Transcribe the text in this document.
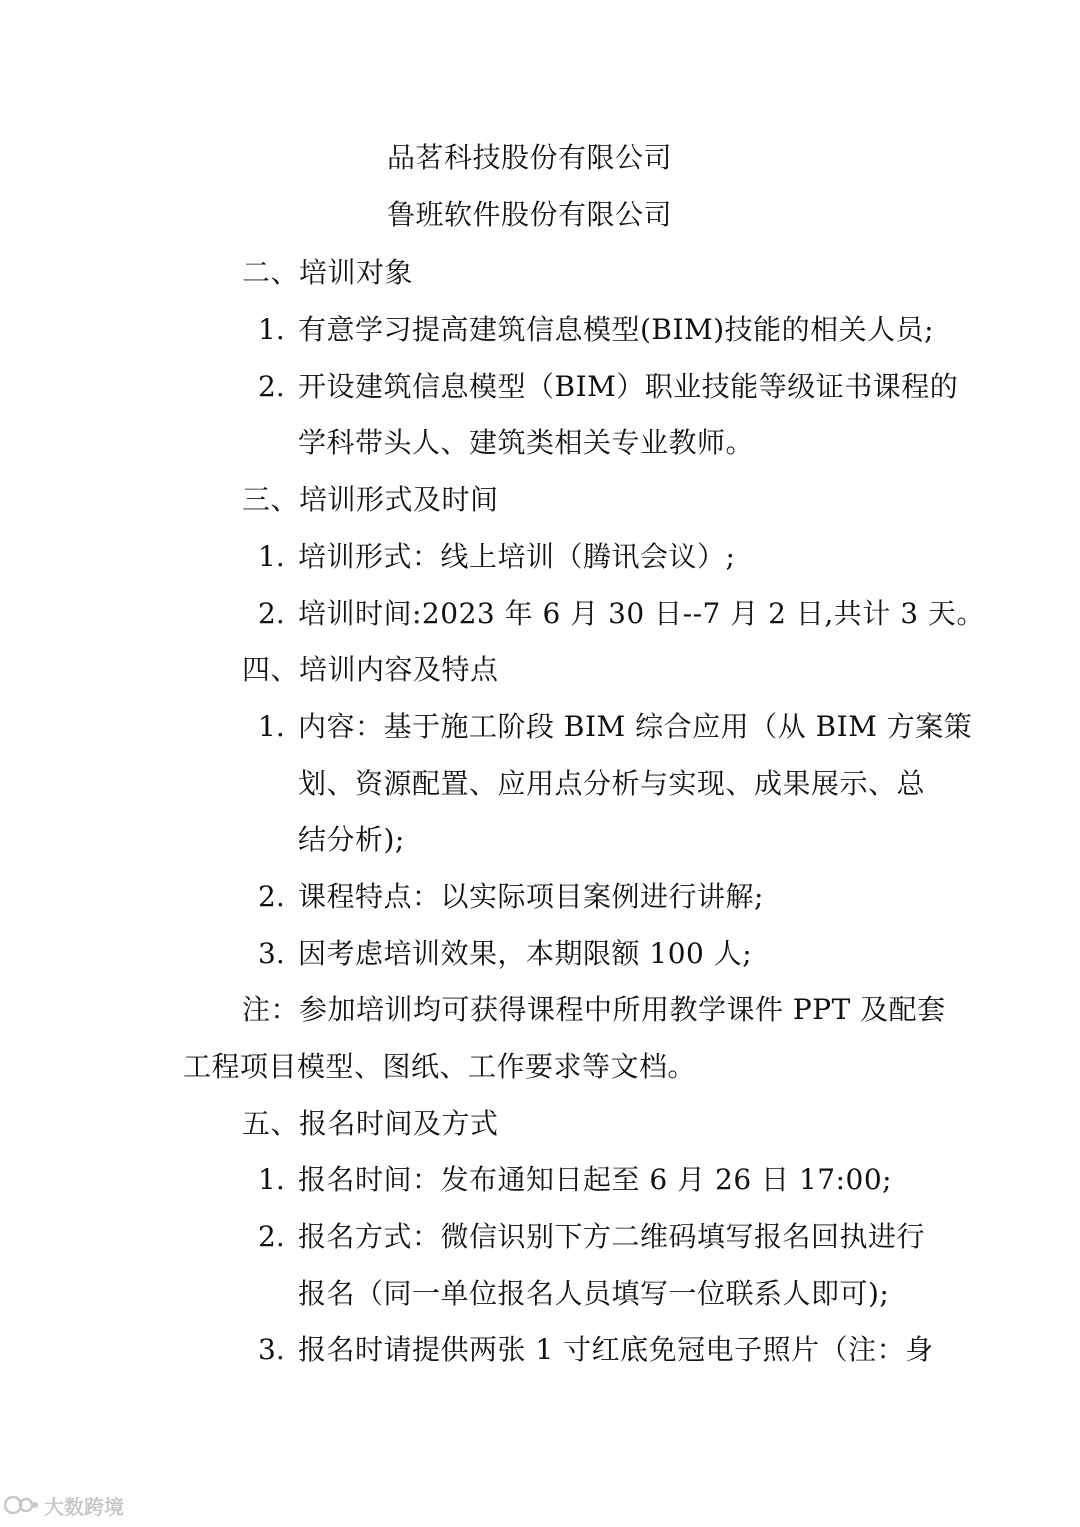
品茗科技股份有限公司
鲁班软件股份有限公司
二、培训对象
1. 有意学习提高建筑信息模型(BIM)技能的相关人员;
2. 开设建筑信息模型（BIM）职业技能等级证书课程的
学科带头人、建筑类相关专业教师。
三、培训形式及时间
1. 培训形式：线上培训（腾讯会议）;
2. 培训时间:2023 年 6 月 30 日--7 月 2 日,共计 3 天。
四、培训内容及特点
1. 内容：基于施工阶段 BIM 综合应用（从 BIM 方案策
划、资源配置、应用点分析与实现、成果展示、总
结分析);
2. 课程特点：以实际项目案例进行讲解;
3. 因考虑培训效果，本期限额 100 人;
注：参加培训均可获得课程中所用教学课件 PPT 及配套
工程项目模型、图纸、工作要求等文档。
五、报名时间及方式
1. 报名时间：发布通知日起至 6 月 26 日 17:00;
2. 报名方式：微信识别下方二维码填写报名回执进行
报名（同一单位报名人员填写一位联系人即可);
3. 报名时请提供两张 1 寸红底免冠电子照片（注：身
大数跨境
